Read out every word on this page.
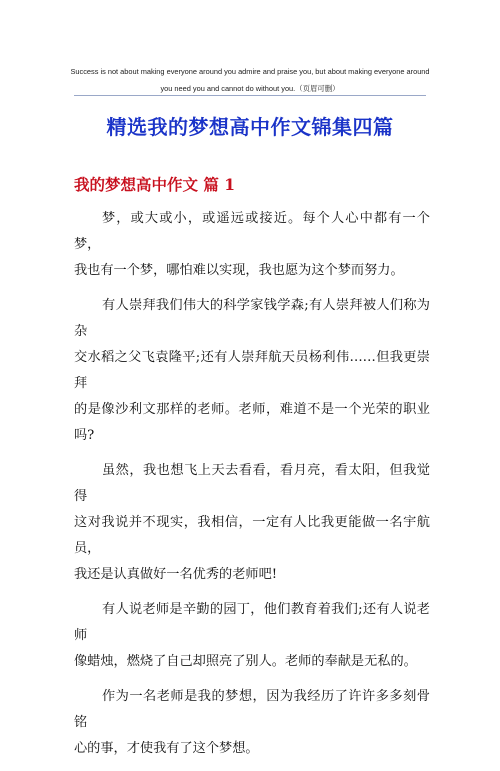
Success is not about making everyone around you admire and praise you, but about making everyone around
you need you and cannot do without you.（页眉可删）
精选我的梦想高中作文锦集四篇
我的梦想高中作文 篇 1
梦，或大或小，或遥远或接近。每个人心中都有一个梦，
我也有一个梦，哪怕难以实现，我也愿为这个梦而努力。
有人崇拜我们伟大的科学家钱学森;有人崇拜被人们称为杂
交水稻之父飞袁隆平;还有人崇拜航天员杨利伟……但我更崇拜
的是像沙利文那样的老师。老师，难道不是一个光荣的职业吗?
虽然，我也想飞上天去看看，看月亮，看太阳，但我觉得
这对我说并不现实，我相信，一定有人比我更能做一名宇航员，
我还是认真做好一名优秀的老师吧!
有人说老师是辛勤的园丁，他们教育着我们;还有人说老师
像蜡烛，燃烧了自己却照亮了别人。老师的奉献是无私的。
作为一名老师是我的梦想，因为我经历了许许多多刻骨铭
心的事，才使我有了这个梦想。
